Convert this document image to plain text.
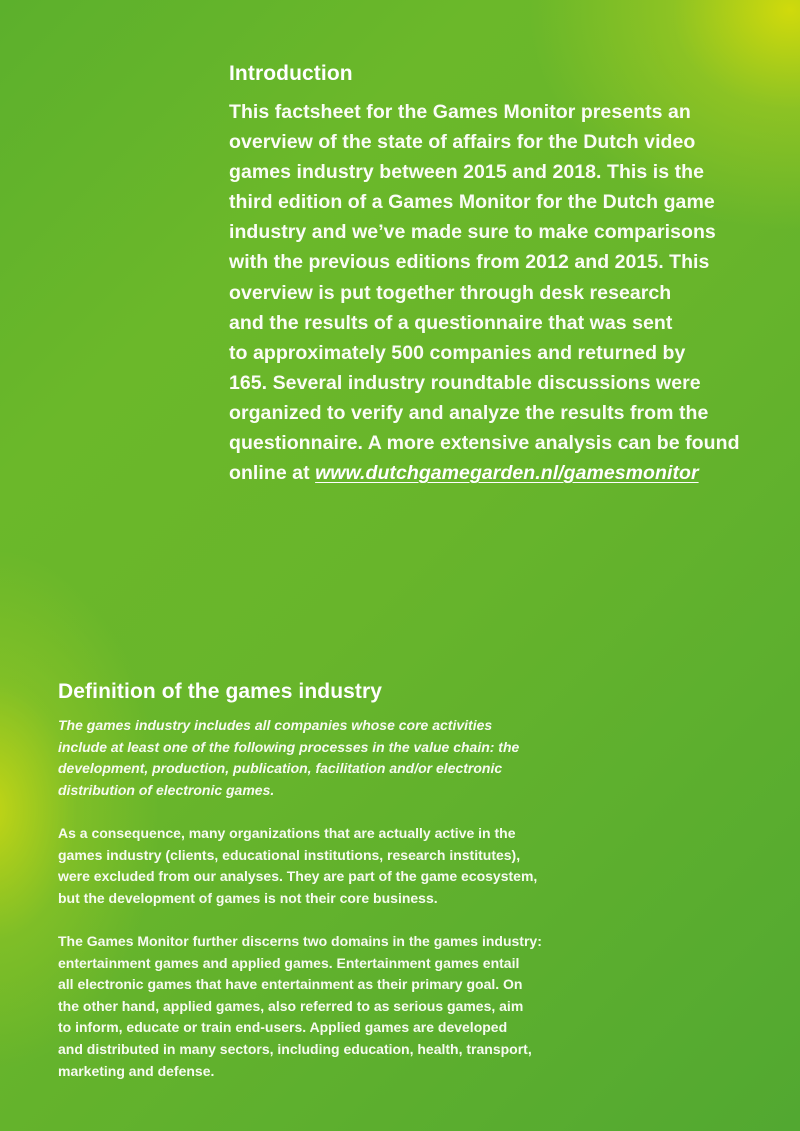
Introduction

This factsheet for the Games Monitor presents an
overview of the state of affairs for the Dutch video
games industry between 2015 and 2018. This is the
third edition of a Games Monitor for the Dutch game
industry and we’ve made sure to make comparisons
with the previous editions from 2012 and 2015. This
overview is put together through desk research
and the results of a questionnaire that was sent
to approximately 500 companies and returned by
165. Several industry roundtable discussions were
organized to verify and analyze the results from the
questionnaire. A more extensive analysis can be found
online at www.dutchgamegarden.nl/gamesmonitor

Definition of the games industry

The games industry includes all companies whose core activities
include at least one of the following processes in the value chain: the
development, production, publication, facilitation and/or electronic
distribution of electronic games.

As a consequence, many organizations that are actually active in the
games industry (clients, educational institutions, research institutes),
were excluded from our analyses. They are part of the game ecosystem,
but the development of games is not their core business.

The Games Monitor further discerns two domains in the games industry:
entertainment games and applied games. Entertainment games entail
all electronic games that have entertainment as their primary goal. On
the other hand, applied games, also referred to as serious games, aim
to inform, educate or train end-users. Applied games are developed
and distributed in many sectors, including education, health, transport,
marketing and defense.
